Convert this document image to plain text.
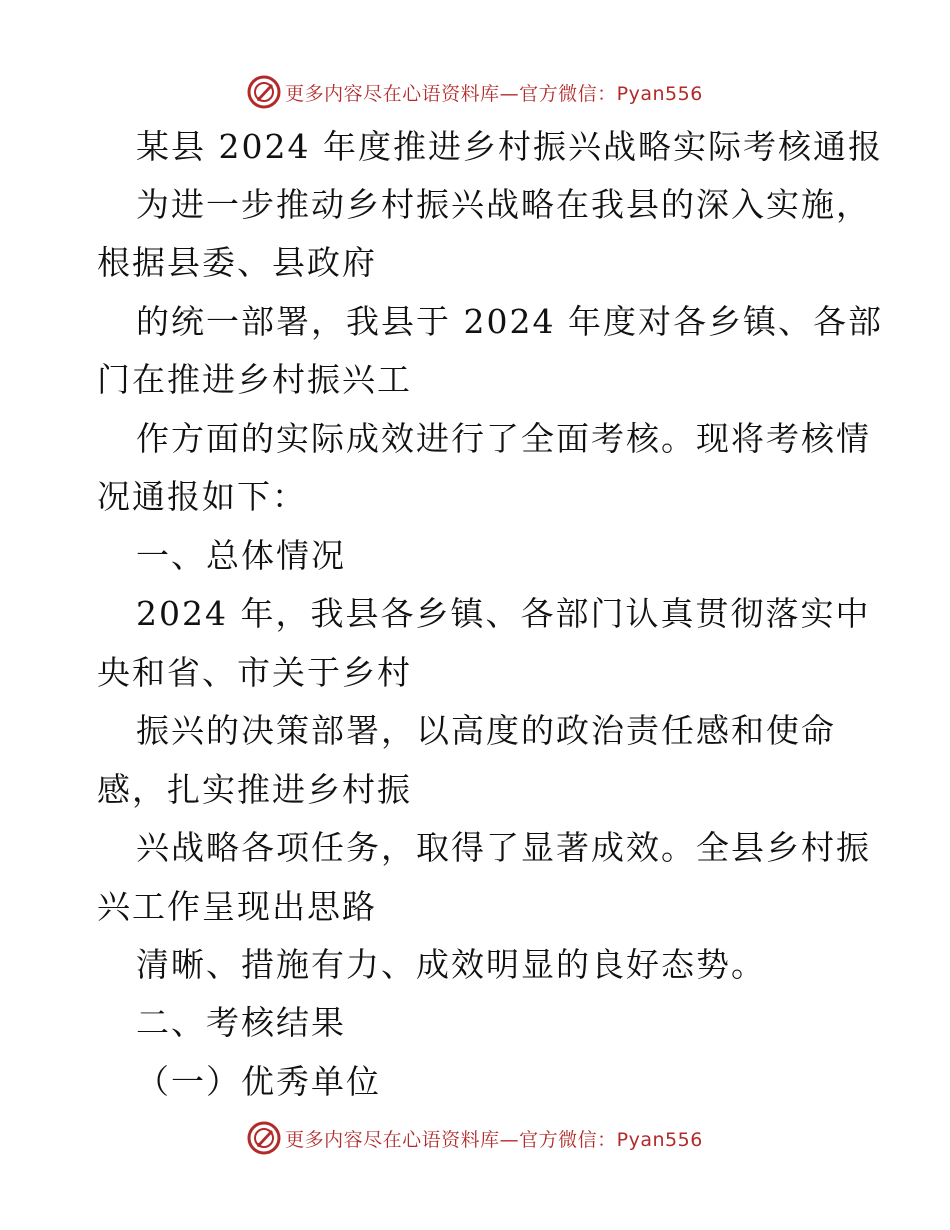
更多内容尽在心语资料库—官方微信：Pyan556
某县 2024 年度推进乡村振兴战略实际考核通报
为进一步推动乡村振兴战略在我县的深入实施，
根据县委、县政府
的统一部署，我县于 2024 年度对各乡镇、各部
门在推进乡村振兴工
作方面的实际成效进行了全面考核。现将考核情
况通报如下：
一、总体情况
2024 年，我县各乡镇、各部门认真贯彻落实中
央和省、市关于乡村
振兴的决策部署，以高度的政治责任感和使命
感，扎实推进乡村振
兴战略各项任务，取得了显著成效。全县乡村振
兴工作呈现出思路
清晰、措施有力、成效明显的良好态势。
二、考核结果
（一）优秀单位
更多内容尽在心语资料库—官方微信：Pyan556
